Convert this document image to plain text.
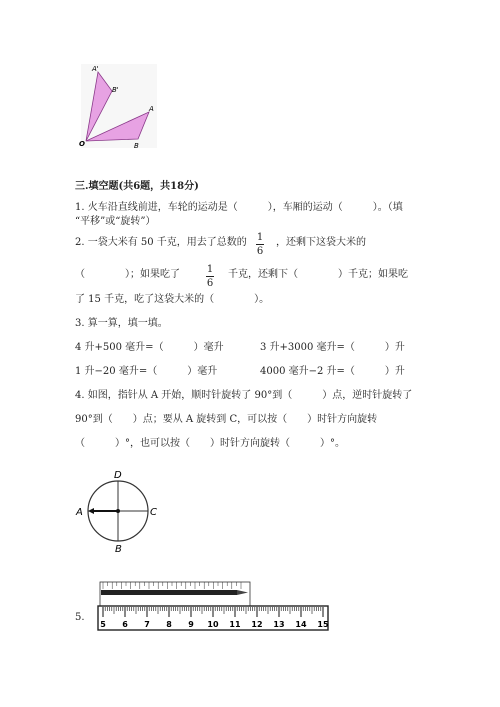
A'
B'
A
O	B
三.填空题(共6题，共18分)
1. 火车沿直线前进，车轮的运动是（　　　），车厢的运动（　　　）。（填
“平移”或“旋转”）
2. 一袋大米有 50 千克，用去了总数的	1
6
，还剩下这袋大米的
（　　　　）；如果吃了	1
6
千克，还剩下（　　　　）千克；如果吃
了 15 千克，吃了这袋大米的（　　　　）。
3. 算一算，填一填。
4 升+500 毫升=（　　　）毫升	3 升+3000 毫升=（　　　）升
1 升−20 毫升=（　　　）毫升	4000 毫升−2 升=（　　　）升
4. 如图，指针从 A 开始，顺时针旋转了 90°到（　　　）点，逆时针旋转了
90°到（　　）点；要从 A 旋转到 C，可以按（　　）时针方向旋转
（　　　）°，也可以按（　　）时针方向旋转（　　　）°。
D
A	C
B
5.
5 6 7 8 9 10 11 12 13 14 15
